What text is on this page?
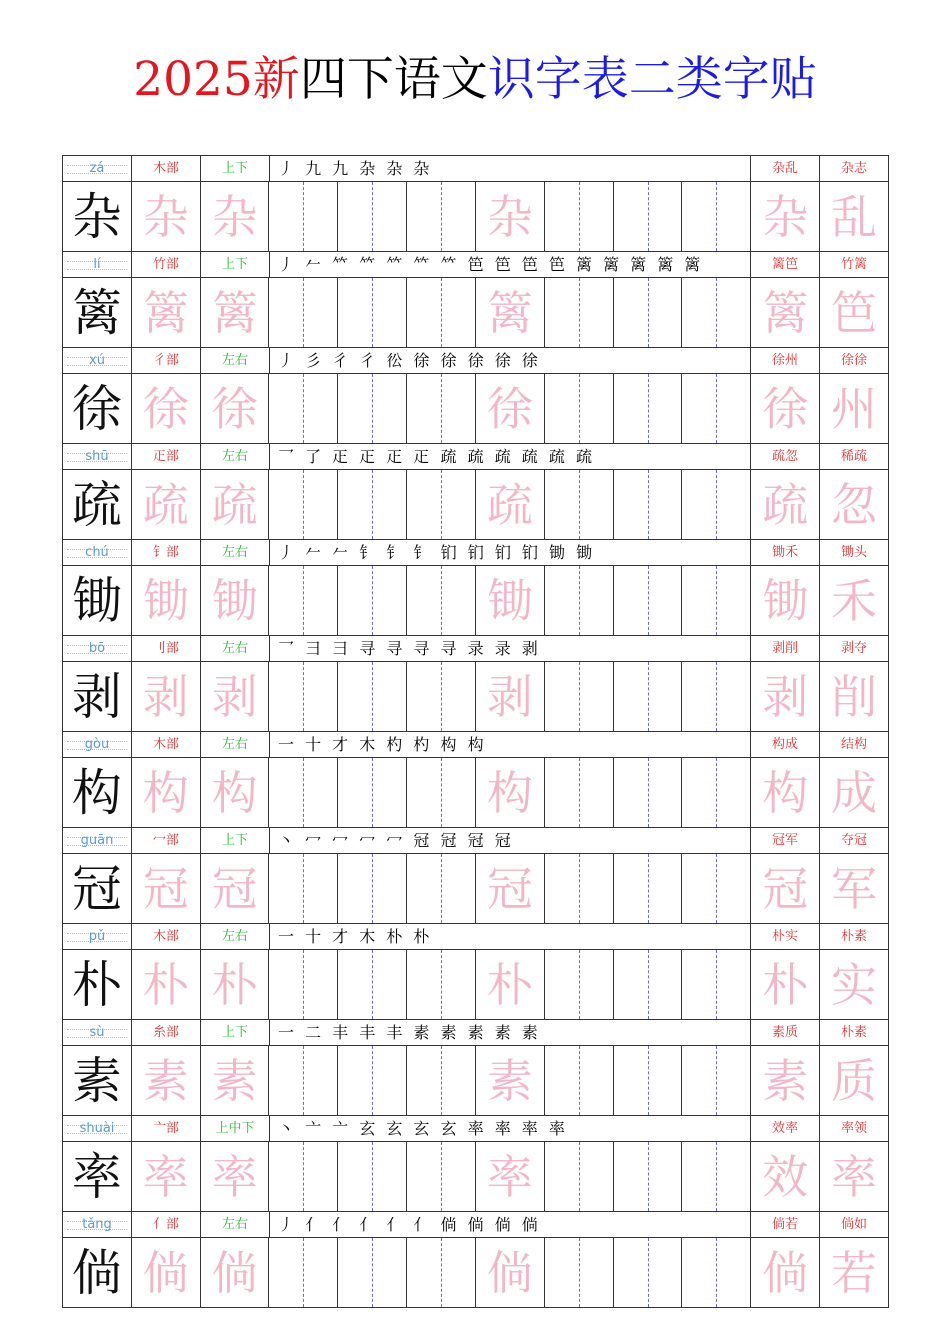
2025新四下语文识字表二类字贴
zá	木部	上下	丿 九 九 杂 杂 杂	杂乱	杂志
杂 杂 杂	杂	杂 乱
lí	竹部	上下	丿 𠂉 𥫗 𥫗 𥫗 𥫗 𥫗 笆 笆 笆 笆 篱 篱 篱 篱 篱	篱笆	竹篱
篱 篱 篱	篱	篱 笆
xú	彳部	左右	丿 彡 彳 彳 彸 徐 徐 徐 徐 徐	徐州	徐徐
徐 徐 徐	徐	徐 州
shū	𤴓部	左右	乛 了 𤴓 𤴓 𤴓 𤴓 疏 疏 疏 疏 疏 疏	疏忽	稀疏
疏 疏 疏	疏	疏 忽
chú	钅部	左右	丿 𠂉 𠂉 钅 钅 钅 钔 钔 钔 钔 锄 锄	锄禾	锄头
锄 锄 锄	锄	锄 禾
bō	刂部	左右	乛 彐 彐 寻 寻 寻 寻 录 录 剥	剥削	剥夺
剥 剥 剥	剥	剥 削
gòu	木部	左右	一 十 才 木 杓 杓 构 构	构成	结构
构 构 构	构	构 成
guān	冖部	上下	丶 冖 冖 冖 冖 冠 冠 冠 冠	冠军	夺冠
冠 冠 冠	冠	冠 军
pǔ	木部	左右	一 十 才 木 朴 朴	朴实	朴素
朴 朴 朴	朴	朴 实
sù	糸部	上下	一 二 丰 丰 丰 素 素 素 素 素	素质	朴素
素 素 素	素	素 质
shuài	亠部	上中下	丶 亠 亠 玄 玄 玄 玄 率 率 率 率	效率	率领
率 率 率	率	效 率
tǎng	亻部	左右	丿 亻 亻 亻 亻 亻 倘 倘 倘 倘	倘若	倘如
倘 倘 倘	倘	倘 若
